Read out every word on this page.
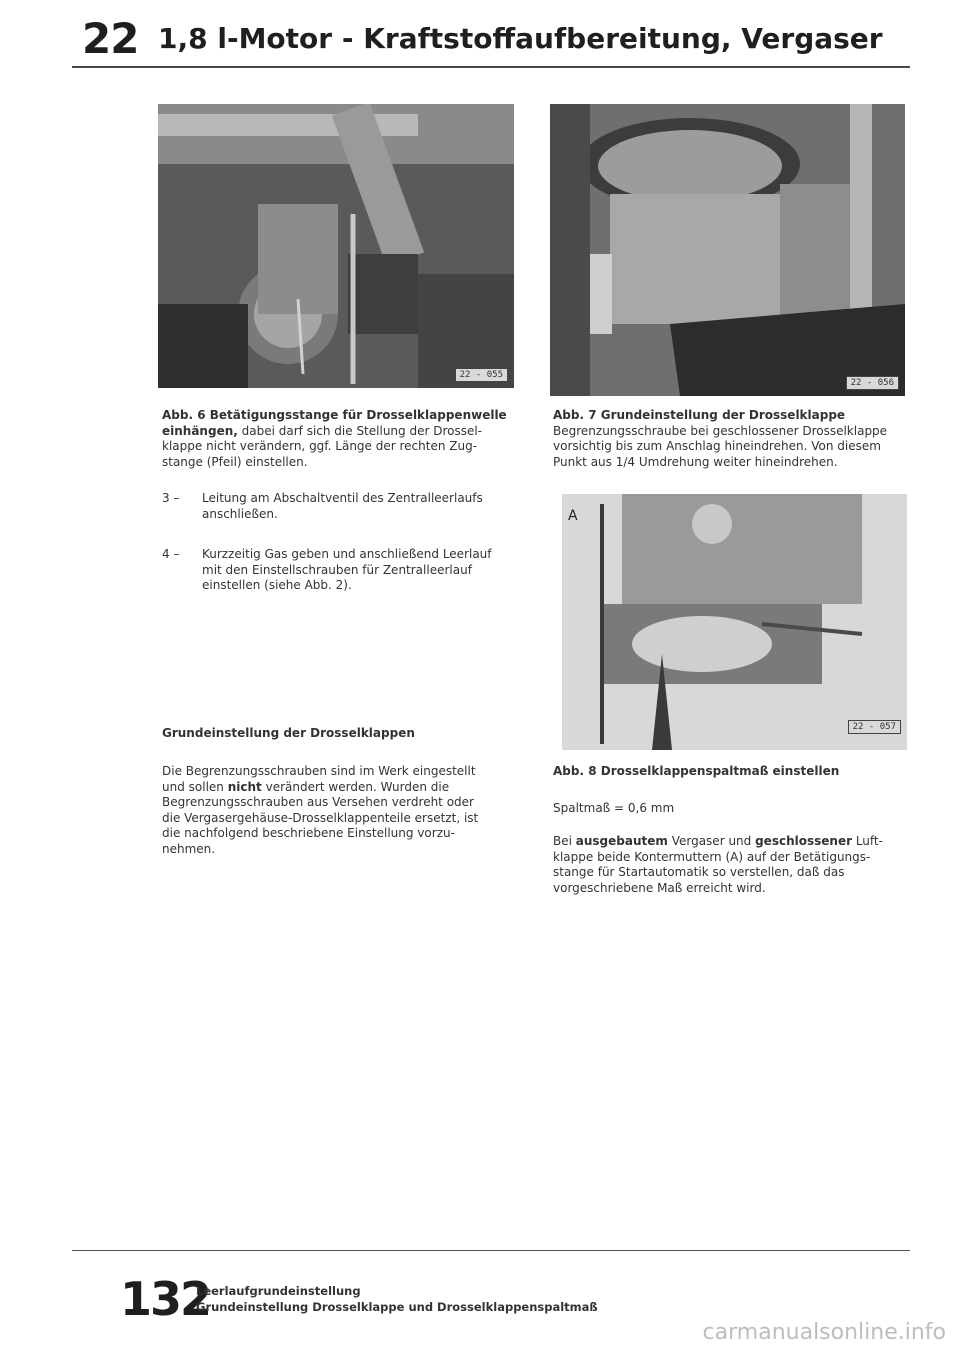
22 1,8 l-Motor - Kraftstoffaufbereitung, Vergaser
22 - 055
22 - 056
A
22 - 057
Abb. 6 Betätigungsstange für Drosselklappenwelle
einhängen, dabei darf sich die Stellung der Drossel-
klappe nicht verändern, ggf. Länge der rechten Zug-
stange (Pfeil) einstellen.
3 –	Leitung am Abschaltventil des Zentralleerlaufs
anschließen.
4 –	Kurzzeitig Gas geben und anschließend Leerlauf
mit den Einstellschrauben für Zentralleerlauf
einstellen (siehe Abb. 2).
Grundeinstellung der Drosselklappen
Die Begrenzungsschrauben sind im Werk eingestellt
und sollen nicht verändert werden. Wurden die
Begrenzungsschrauben aus Versehen verdreht oder
die Vergasergehäuse-Drosselklappenteile ersetzt, ist
die nachfolgend beschriebene Einstellung vorzu-
nehmen.
Abb. 7 Grundeinstellung der Drosselklappe
Begrenzungsschraube bei geschlossener Drosselklappe
vorsichtig bis zum Anschlag hineindrehen. Von diesem
Punkt aus 1/4 Umdrehung weiter hineindrehen.
Abb. 8 Drosselklappenspaltmaß einstellen
Spaltmaß = 0,6 mm
Bei ausgebautem Vergaser und geschlossener Luft-
klappe beide Kontermuttern (A) auf der Betätigungs-
stange für Startautomatik so verstellen, daß das
vorgeschriebene Maß erreicht wird.
132
Leerlaufgrundeinstellung
Grundeinstellung Drosselklappe und Drosselklappenspaltmaß
carmanualsonline.info
